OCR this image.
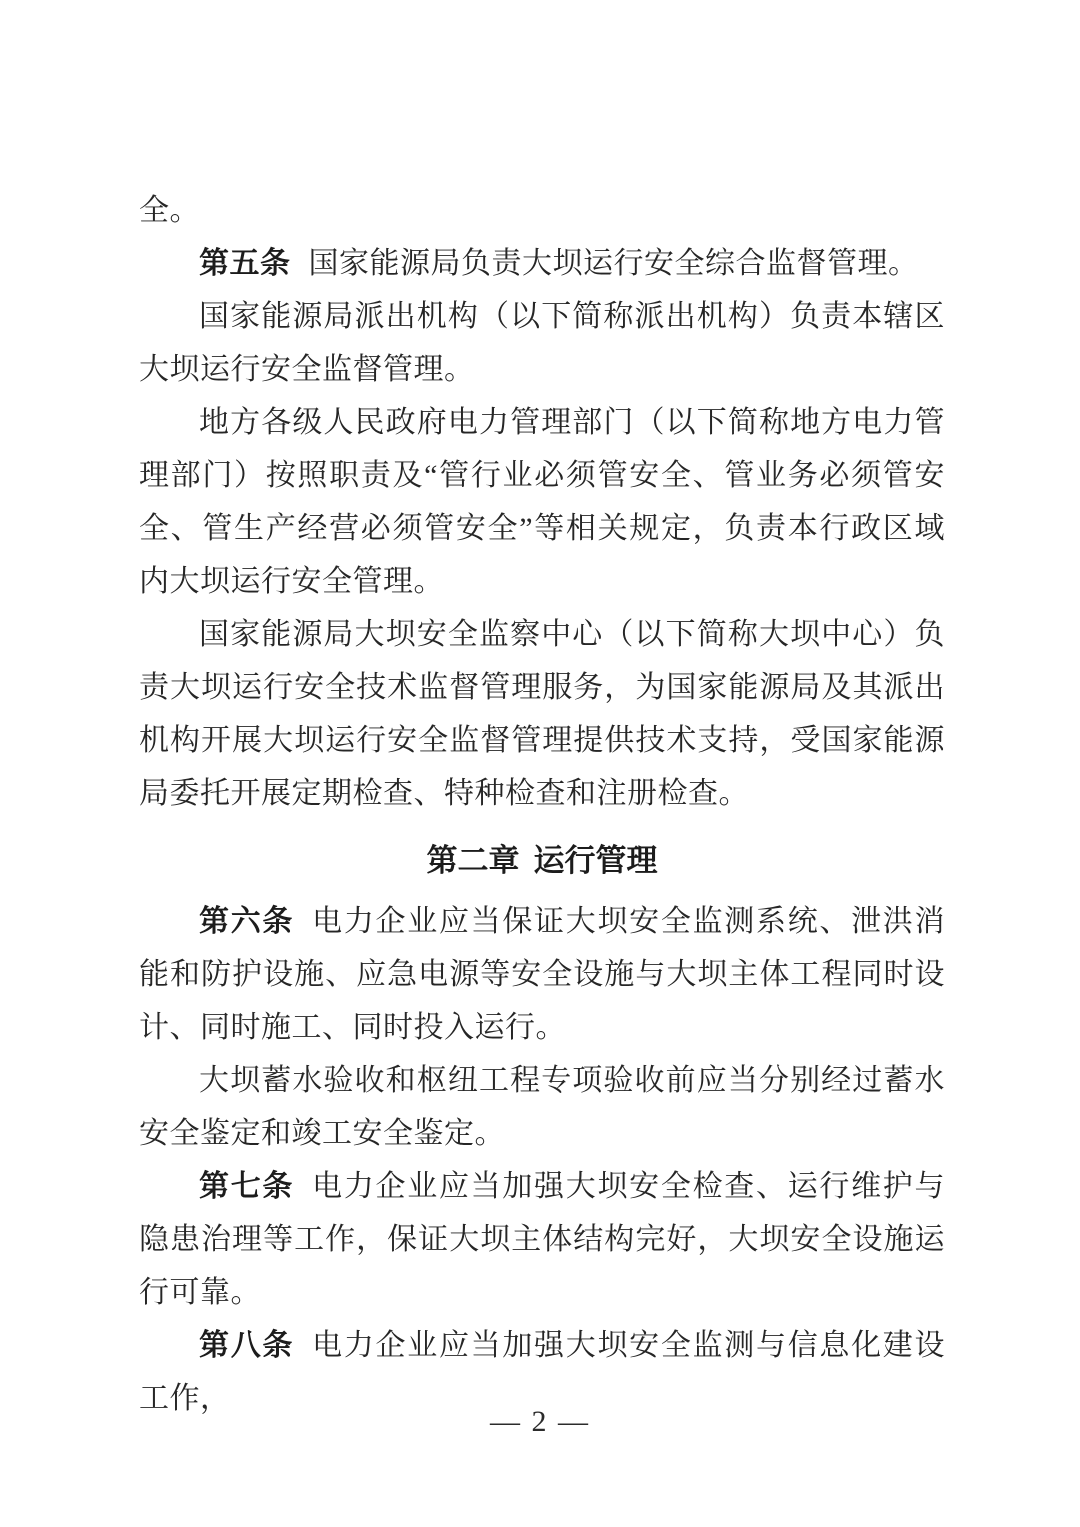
全。

第五条 国家能源局负责大坝运行安全综合监督管理。

国家能源局派出机构（以下简称派出机构）负责本辖区大坝运行安全监督管理。

地方各级人民政府电力管理部门（以下简称地方电力管理部门）按照职责及“管行业必须管安全、管业务必须管安全、管生产经营必须管安全”等相关规定，负责本行政区域内大坝运行安全管理。

国家能源局大坝安全监察中心（以下简称大坝中心）负责大坝运行安全技术监督管理服务，为国家能源局及其派出机构开展大坝运行安全监督管理提供技术支持，受国家能源局委托开展定期检查、特种检查和注册检查。

第二章 运行管理

第六条 电力企业应当保证大坝安全监测系统、泄洪消能和防护设施、应急电源等安全设施与大坝主体工程同时设计、同时施工、同时投入运行。

大坝蓄水验收和枢纽工程专项验收前应当分别经过蓄水安全鉴定和竣工安全鉴定。

第七条 电力企业应当加强大坝安全检查、运行维护与隐患治理等工作，保证大坝主体结构完好，大坝安全设施运行可靠。

第八条 电力企业应当加强大坝安全监测与信息化建设工作，

— 2 —
